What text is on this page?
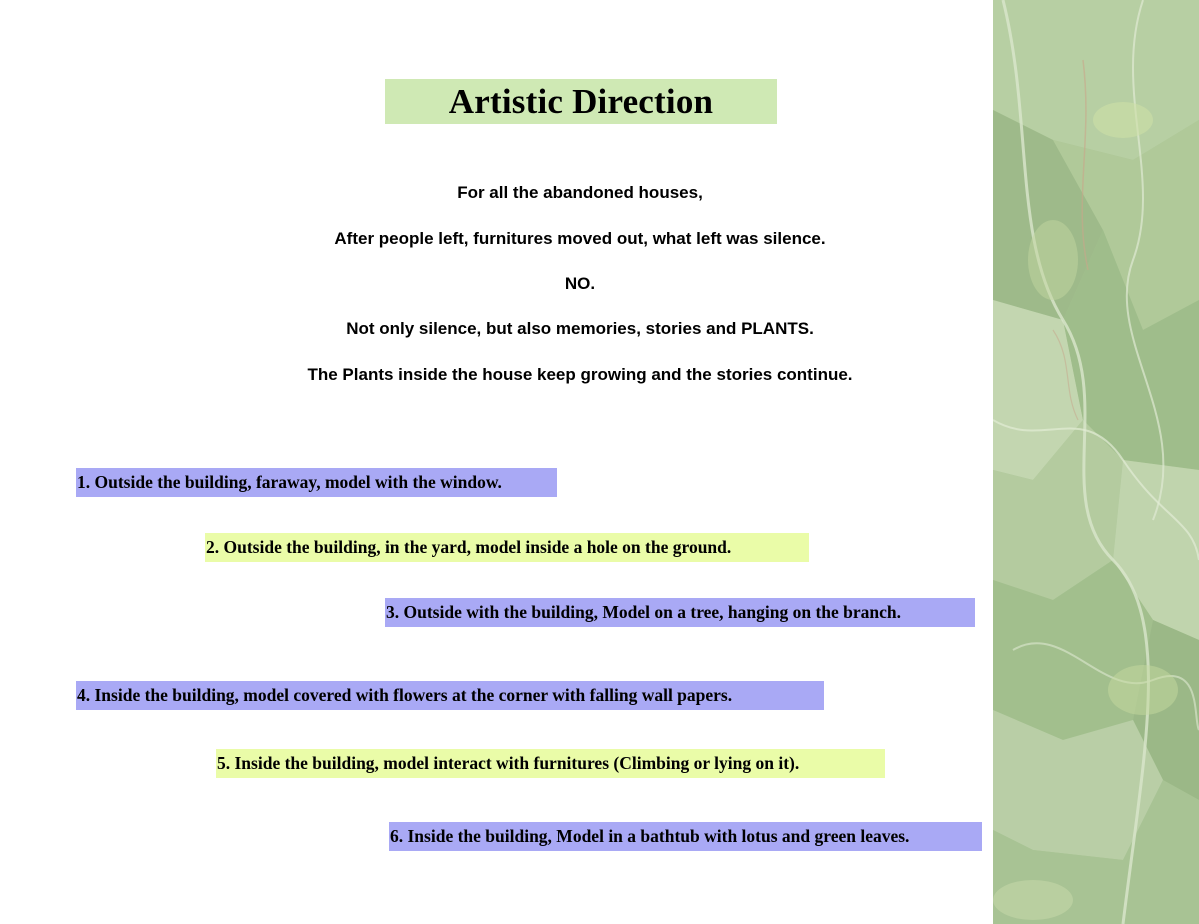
Artistic Direction
For all the abandoned houses,
After people left, furnitures moved out, what left was silence.
NO.
Not only silence, but also memories, stories and PLANTS.
The Plants inside the house keep growing and the stories continue.
1. Outside the building, faraway, model with the window.
2. Outside the building, in the yard, model inside a hole on the ground.
3. Outside with the building, Model on a tree, hanging on the branch.
4. Inside the building, model covered with flowers at the corner with falling wall papers.
5. Inside the building, model interact with furnitures (Climbing or lying on it).
6. Inside the building, Model in a bathtub with lotus and green leaves.
